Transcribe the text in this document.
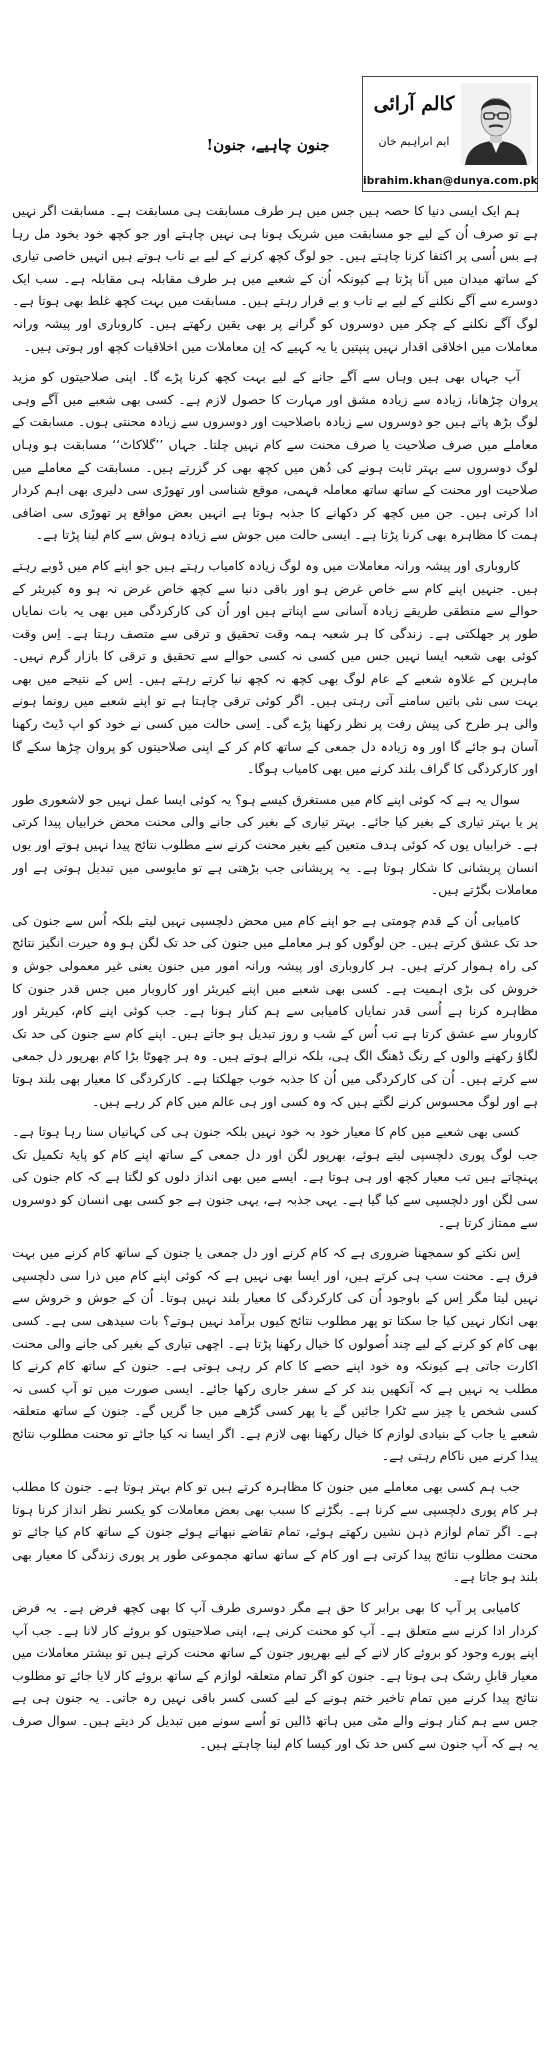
کالم آرائی
ایم ابراہیم خان
ibrahim.khan@dunya.com.pk
جنون چاہیے، جنون!

ہم ایک ایسی دنیا کا حصہ ہیں جس میں ہر طرف مسابقت ہی مسابقت ہے۔ مسابقت اگر نہیں ہے تو صرف اُن کے لیے جو مسابقت میں شریک ہونا ہی نہیں چاہتے اور جو کچھ خود بخود مل رہا ہے بس اُسی پر اکتفا کرنا چاہتے ہیں۔ جو لوگ کچھ کرنے کے لیے بے تاب ہوتے ہیں انہیں خاصی تیاری کے ساتھ میدان میں آنا پڑتا ہے کیونکہ اُن کے شعبے میں ہر طرف مقابلہ ہی مقابلہ ہے۔ سب ایک دوسرے سے آگے نکلنے کے لیے بے تاب و بے قرار رہتے ہیں۔ مسابقت میں بہت کچھ غلط بھی ہوتا ہے۔ لوگ آگے نکلنے کے چکر میں دوسروں کو گرانے پر بھی یقین رکھتے ہیں۔ کاروباری اور پیشہ ورانہ معاملات میں اخلاقی اقدار نہیں پنپتیں یا یہ کہیے کہ اِن معاملات میں اخلاقیات کچھ اور ہوتی ہیں۔

آپ جہاں بھی ہیں وہاں سے آگے جانے کے لیے بہت کچھ کرنا پڑے گا۔ اپنی صلاحیتوں کو مزید پروان چڑھانا، زیادہ سے زیادہ مشق اور مہارت کا حصول لازم ہے۔ کسی بھی شعبے میں آگے وہی لوگ بڑھ پاتے ہیں جو دوسروں سے زیادہ باصلاحیت اور دوسروں سے زیادہ محنتی ہوں۔ مسابقت کے معاملے میں صرف صلاحیت یا صرف محنت سے کام نہیں چلتا۔ جہاں ’’گلاکاٹ‘‘ مسابقت ہو وہاں لوگ دوسروں سے بہتر ثابت ہونے کی دُھن میں کچھ بھی کر گزرتے ہیں۔ مسابقت کے معاملے میں صلاحیت اور محنت کے ساتھ ساتھ معاملہ فہمی، موقع شناسی اور تھوڑی سی دلیری بھی اہم کردار ادا کرتی ہیں۔ جن میں کچھ کر دکھانے کا جذبہ ہوتا ہے انہیں بعض مواقع پر تھوڑی سی اضافی ہمت کا مظاہرہ بھی کرنا پڑتا ہے۔ ایسی حالت میں جوش سے زیادہ ہوش سے کام لینا پڑتا ہے۔

کاروباری اور پیشہ ورانہ معاملات میں وہ لوگ زیادہ کامیاب رہتے ہیں جو اپنے کام میں ڈوبے رہتے ہیں۔ جنہیں اپنے کام سے خاص غرض ہو اور باقی دنیا سے کچھ خاص غرض نہ ہو وہ کیریئر کے حوالے سے منطقی طریقے زیادہ آسانی سے اپناتے ہیں اور اُن کی کارکردگی میں بھی یہ بات نمایاں طور پر جھلکتی ہے۔ زندگی کا ہر شعبہ ہمہ وقت تحقیق و ترقی سے متصف رہتا ہے۔ اِس وقت کوئی بھی شعبہ ایسا نہیں جس میں کسی نہ کسی حوالے سے تحقیق و ترقی کا بازار گرم نہیں۔ ماہرین کے علاوہ شعبے کے عام لوگ بھی کچھ نہ کچھ نیا کرتے رہتے ہیں۔ اِس کے نتیجے میں بھی بہت سی نئی باتیں سامنے آتی رہتی ہیں۔ اگر کوئی ترقی چاہتا ہے تو اپنے شعبے میں رونما ہونے والی ہر طرح کی پیش رفت پر نظر رکھنا پڑے گی۔ اِسی حالت میں کسی نے خود کو اپ ڈیٹ رکھنا آسان ہو جائے گا اور وہ زیادہ دل جمعی کے ساتھ کام کر کے اپنی صلاحیتوں کو پروان چڑھا سکے گا اور کارکردگی کا گراف بلند کرنے میں بھی کامیاب ہوگا۔

سوال یہ ہے کہ کوئی اپنے کام میں مستغرق کیسے ہو؟ یہ کوئی ایسا عمل نہیں جو لاشعوری طور پر یا بہتر تیاری کے بغیر کیا جائے۔ بہتر تیاری کے بغیر کی جانے والی محنت محض خرابیاں پیدا کرتی ہے۔ خرابیاں یوں کہ کوئی ہدف متعین کیے بغیر محنت کرنے سے مطلوب نتائج پیدا نہیں ہوتے اور یوں انسان پریشانی کا شکار ہوتا ہے۔ یہ پریشانی جب بڑھتی ہے تو مایوسی میں تبدیل ہوتی ہے اور معاملات بگڑتے ہیں۔

کامیابی اُن کے قدم چومتی ہے جو اپنے کام میں محض دلچسپی نہیں لیتے بلکہ اُس سے جنون کی حد تک عشق کرتے ہیں۔ جن لوگوں کو ہر معاملے میں جنون کی حد تک لگن ہو وہ حیرت انگیز نتائج کی راہ ہموار کرتے ہیں۔ ہر کاروباری اور پیشہ ورانہ امور میں جنون یعنی غیر معمولی جوش و خروش کی بڑی اہمیت ہے۔ کسی بھی شعبے میں اپنے کیریئر اور کاروبار میں جس قدر جنون کا مظاہرہ کرنا ہے اُسی قدر نمایاں کامیابی سے ہم کنار ہونا ہے۔ جب کوئی اپنے کام، کیریئر اور کاروبار سے عشق کرتا ہے تب اُس کے شب و روز تبدیل ہو جاتے ہیں۔ اپنے کام سے جنون کی حد تک لگاؤ رکھنے والوں کے رنگ ڈھنگ الگ ہی، بلکہ نرالے ہوتے ہیں۔ وہ ہر چھوٹا بڑا کام بھرپور دل جمعی سے کرتے ہیں۔ اُن کی کارکردگی میں اُن کا جذبہ خوب جھلکتا ہے۔ کارکردگی کا معیار بھی بلند ہوتا ہے اور لوگ محسوس کرنے لگتے ہیں کہ وہ کسی اور ہی عالم میں کام کر رہے ہیں۔

کسی بھی شعبے میں کام کا معیار خود بہ خود نہیں بلکہ جنون ہی کی کہانیاں سنا رہا ہوتا ہے۔ جب لوگ پوری دلچسپی لیتے ہوئے، بھرپور لگن اور دل جمعی کے ساتھ اپنے کام کو پایۂ تکمیل تک پہنچاتے ہیں تب معیار کچھ اور ہی ہوتا ہے۔ ایسے میں بھی انداز دلوں کو لگتا ہے کہ کام جنون کی سی لگن اور دلچسپی سے کیا گیا ہے۔ یہی جذبہ ہے، یہی جنون ہے جو کسی بھی انسان کو دوسروں سے ممتاز کرتا ہے۔

اِس نکتے کو سمجھنا ضروری ہے کہ کام کرنے اور دل جمعی یا جنون کے ساتھ کام کرنے میں بہت فرق ہے۔ محنت سب ہی کرتے ہیں، اور ایسا بھی نہیں ہے کہ کوئی اپنے کام میں ذرا سی دلچسپی نہیں لیتا مگر اِس کے باوجود اُن کی کارکردگی کا معیار بلند نہیں ہوتا۔ اُن کے جوش و خروش سے بھی انکار نہیں کیا جا سکتا تو پھر مطلوب نتائج کیوں برآمد نہیں ہوتے؟ بات سیدھی سی ہے۔ کسی بھی کام کو کرنے کے لیے چند اُصولوں کا خیال رکھنا پڑتا ہے۔ اچھی تیاری کے بغیر کی جانے والی محنت اکارت جاتی ہے کیونکہ وہ خود اپنے حصے کا کام کر رہی ہوتی ہے۔ جنون کے ساتھ کام کرنے کا مطلب یہ نہیں ہے کہ آنکھیں بند کر کے سفر جاری رکھا جائے۔ ایسی صورت میں تو آپ کسی نہ کسی شخص یا چیز سے ٹکرا جائیں گے یا پھر کسی گڑھے میں جا گریں گے۔ جنون کے ساتھ متعلقہ شعبے یا جاب کے بنیادی لوازم کا خیال رکھنا بھی لازم ہے۔ اگر ایسا نہ کیا جائے تو محنت مطلوب نتائج پیدا کرنے میں ناکام رہتی ہے۔

جب ہم کسی بھی معاملے میں جنون کا مظاہرہ کرتے ہیں تو کام بہتر ہوتا ہے۔ جنون کا مطلب ہر کام پوری دلچسپی سے کرنا ہے۔ بگڑنے کا سبب بھی بعض معاملات کو یکسر نظر انداز کرنا ہوتا ہے۔ اگر تمام لوازم ذہن نشین رکھتے ہوئے، تمام تقاضے نبھاتے ہوئے جنون کے ساتھ کام کیا جائے تو محنت مطلوب نتائج پیدا کرتی ہے اور کام کے ساتھ ساتھ مجموعی طور پر پوری زندگی کا معیار بھی بلند ہو جاتا ہے۔

کامیابی پر آپ کا بھی برابر کا حق ہے مگر دوسری طرف آپ کا بھی کچھ فرض ہے۔ یہ فرض کردار ادا کرنے سے متعلق ہے۔ آپ کو محنت کرنی ہے، اپنی صلاحیتوں کو بروئے کار لانا ہے۔ جب آپ اپنے پورے وجود کو بروئے کار لانے کے لیے بھرپور جنون کے ساتھ محنت کرتے ہیں تو بیشتر معاملات میں معیار قابلِ رشک ہی ہوتا ہے۔ جنون کو اگر تمام متعلقہ لوازم کے ساتھ بروئے کار لایا جائے تو مطلوب نتائج پیدا کرنے میں تمام تاخیر ختم ہونے کے لیے کسی کسر باقی نہیں رہ جاتی۔ یہ جنون ہی ہے جس سے ہم کنار ہونے والے مٹی میں ہاتھ ڈالیں تو اُسے سونے میں تبدیل کر دیتے ہیں۔ سوال صرف یہ ہے کہ آپ جنون سے کس حد تک اور کیسا کام لینا چاہتے ہیں۔
